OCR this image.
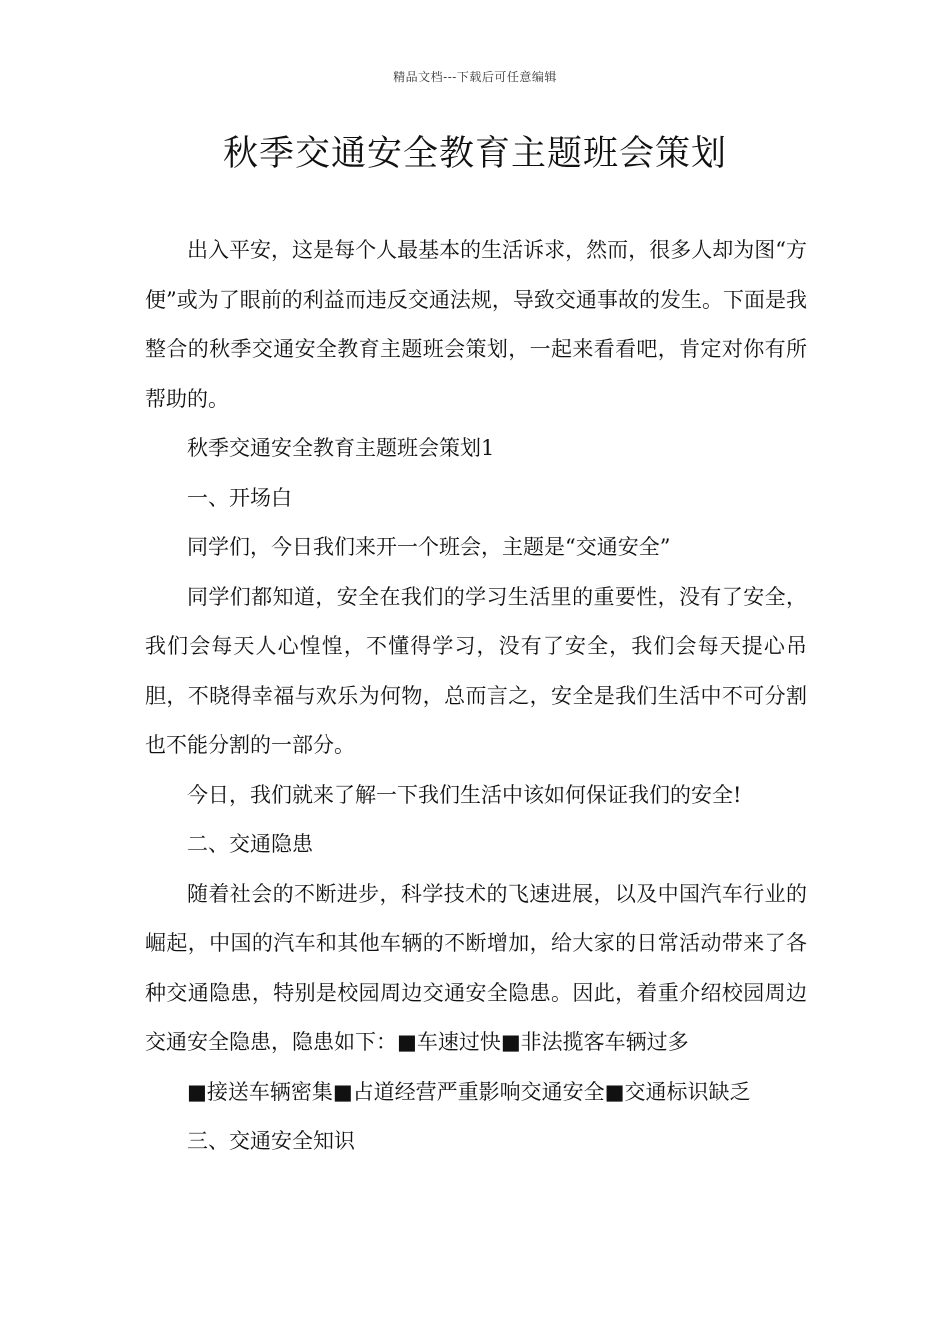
精品文档---下载后可任意编辑
秋季交通安全教育主题班会策划

出入平安，这是每个人最基本的生活诉求，然而，很多人却为图“方便”或为了眼前的利益而违反交通法规，导致交通事故的发生。下面是我整合的秋季交通安全教育主题班会策划，一起来看看吧，肯定对你有所帮助的。

秋季交通安全教育主题班会策划1

一、开场白

同学们，今日我们来开一个班会，主题是“交通安全”

同学们都知道，安全在我们的学习生活里的重要性，没有了安全，我们会每天人心惶惶，不懂得学习，没有了安全，我们会每天提心吊胆，不晓得幸福与欢乐为何物，总而言之，安全是我们生活中不可分割也不能分割的一部分。

今日，我们就来了解一下我们生活中该如何保证我们的安全!

二、交通隐患

随着社会的不断进步，科学技术的飞速进展，以及中国汽车行业的崛起，中国的汽车和其他车辆的不断增加，给大家的日常活动带来了各种交通隐患，特别是校园周边交通安全隐患。因此，着重介绍校园周边交通安全隐患，隐患如下：■车速过快■非法揽客车辆过多

■接送车辆密集■占道经营严重影响交通安全■交通标识缺乏

三、交通安全知识
